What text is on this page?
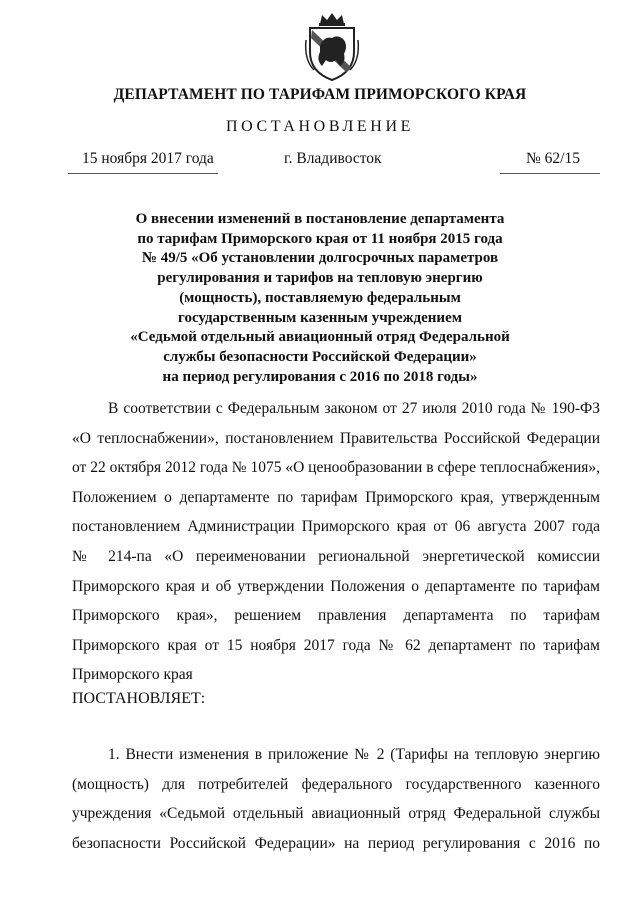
ДЕПАРТАМЕНТ ПО ТАРИФАМ ПРИМОРСКОГО КРАЯ
ПОСТАНОВЛЕНИЕ
15 ноября 2017 года	г. Владивосток	№ 62/15
О внесении изменений в постановление департамента
по тарифам Приморского края от 11 ноября 2015 года
№ 49/5 «Об установлении долгосрочных параметров
регулирования и тарифов на тепловую энергию
(мощность), поставляемую федеральным
государственным казенным учреждением
«Седьмой отдельный авиационный отряд Федеральной
службы безопасности Российской Федерации»
на период регулирования с 2016 по 2018 годы»
В соответствии с Федеральным законом от 27 июля 2010 года № 190-ФЗ
«О теплоснабжении», постановлением Правительства Российской Федерации
от 22 октября 2012 года № 1075 «О ценообразовании в сфере теплоснабжения»,
Положением о департаменте по тарифам Приморского края, утвержденным
постановлением Администрации Приморского края от 06 августа 2007 года
№ 214-па «О переименовании региональной энергетической комиссии
Приморского края и об утверждении Положения о департаменте по тарифам
Приморского края», решением правления департамента по тарифам
Приморского края от 15 ноября 2017 года № 62 департамент по тарифам
Приморского края
ПОСТАНОВЛЯЕТ:
1. Внести изменения в приложение № 2 (Тарифы на тепловую энергию
(мощность) для потребителей федерального государственного казенного
учреждения «Седьмой отдельный авиационный отряд Федеральной службы
безопасности Российской Федерации» на период регулирования с 2016 по
